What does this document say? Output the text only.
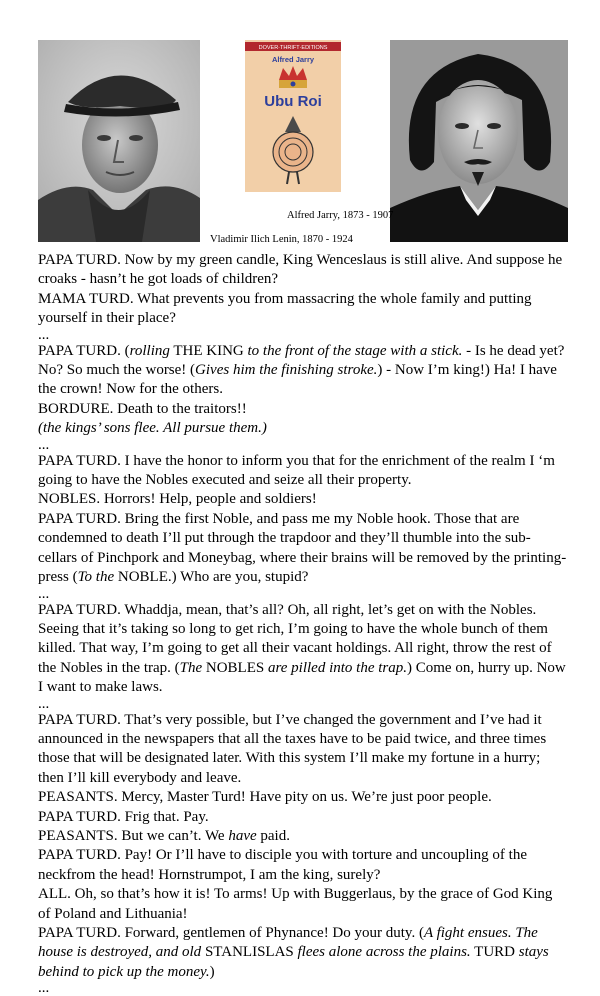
DOVER·THRIFT·EDITIONS
Alfred Jarry
Ubu Roi
Alfred Jarry, 1873 - 1907
Vladimir Ilich Lenin, 1870 - 1924

PAPA TURD. Now by my green candle, King Wenceslaus is still alive. And suppose he croaks - hasn’t he got loads of children?

MAMA TURD. What prevents you from massacring the whole family and putting yourself in their place?

...

PAPA TURD. (rolling THE KING to the front of the stage with a stick. - Is he dead yet? No? So much the worse! (Gives him the finishing stroke.) - Now I’m king!) Ha! I have the crown! Now for the others.

BORDURE. Death to the traitors!!

(the kings’ sons flee. All pursue them.)

...

PAPA TURD. I have the honor to inform you that for the enrichment of the realm I ‘m going to have the Nobles executed and seize all their property.

NOBLES. Horrors! Help, people and soldiers!

PAPA TURD. Bring the first Noble, and pass me my Noble hook. Those that are condemned to death I’ll put through the trapdoor and they’ll thumble into the sub-cellars of Pinchpork and Moneybag, where their brains will be removed by the printing-press (To the NOBLE.) Who are you, stupid?

...

PAPA TURD. Whaddja, mean, that’s all? Oh, all right, let’s get on with the Nobles. Seeing that it’s taking so long to get rich, I’m going to have the whole bunch of them killed. That way, I’m going to get all their vacant holdings. All right, throw the rest of the Nobles in the trap. (The NOBLES are pilled into the trap.) Come on, hurry up. Now I want to make laws.

...

PAPA TURD. That’s very possible, but I’ve changed the government and I’ve had it announced in the newspapers that all the taxes have to be paid twice, and three times those that will be designated later. With this system I’ll make my fortune in a hurry; then I’ll kill everybody and leave.

PEASANTS. Mercy, Master Turd! Have pity on us. We’re just poor people.

PAPA TURD. Frig that. Pay.

PEASANTS. But we can’t. We have paid.

PAPA TURD. Pay! Or I’ll have to disciple you with torture and uncoupling of the neckfrom the head! Hornstrumpot, I am the king, surely?

ALL. Oh, so that’s how it is! To arms! Up with Buggerlaus, by the grace of God King of Poland and Lithuania!

PAPA TURD. Forward, gentlemen of Phynance! Do your duty. (A fight ensues. The house is destroyed, and old STANLISLAS flees alone across the plains. TURD stays behind to pick up the money.)

...
